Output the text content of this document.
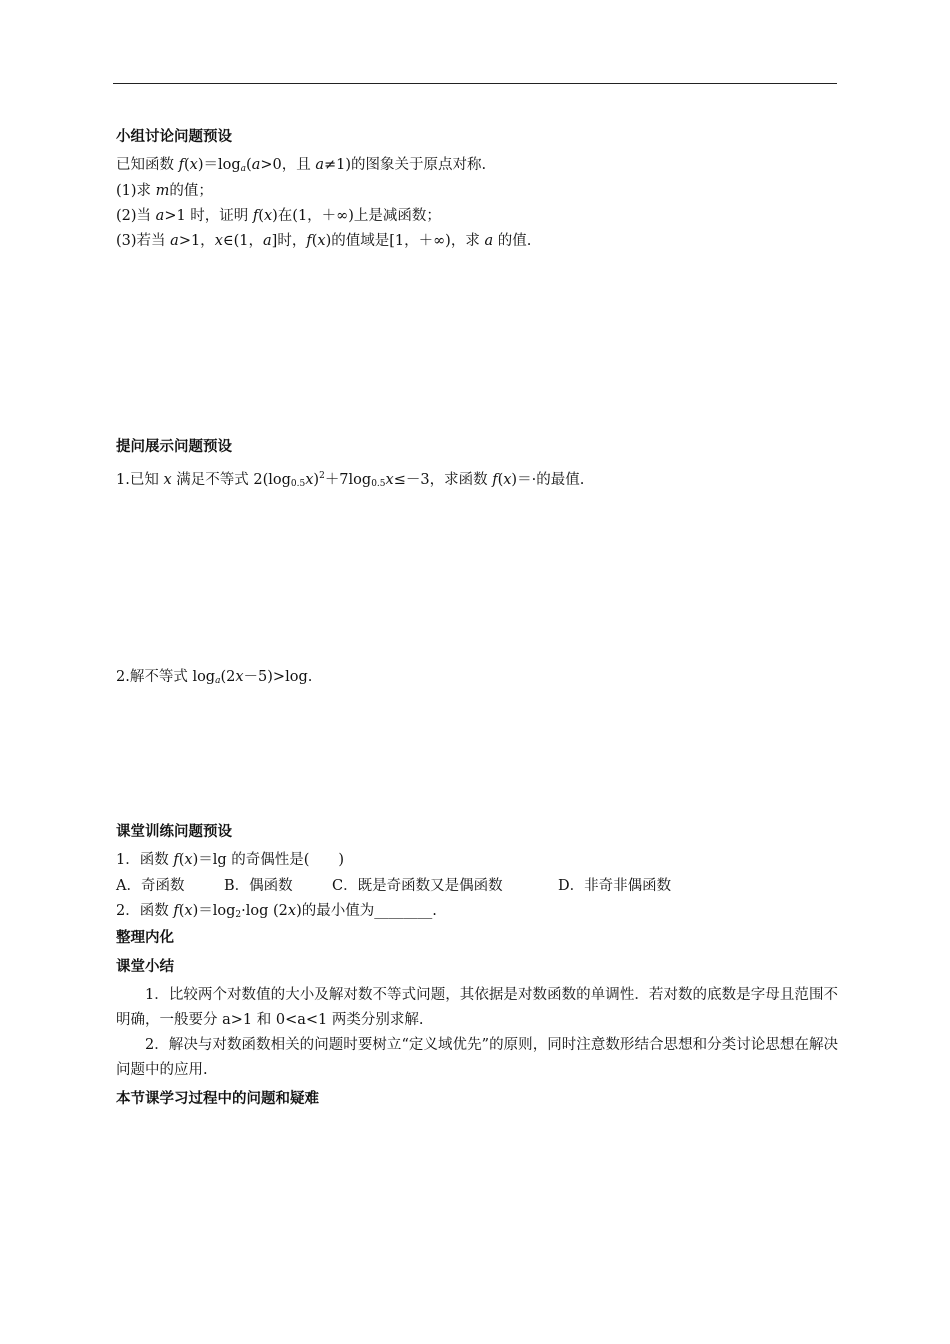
小组讨论问题预设
已知函数 $f(x)=\log_a(a>0$，且 a≠1)的图象关于原点对称.
(1)求 m的值；
(2)当 a>1 时，证明 f(x)在(1，＋∞)上是减函数；
(3)若当 a>1，x∈(1，a]时，f(x)的值域是[1，＋∞)，求 a 的值.
提问展示问题预设
1.已知 x 满足不等式 $2(\log_{0.5}x)^2+7\log_{0.5}x\le-3$，求函数 f(x)＝·的最值.
2.解不等式 $\log_a(2x-5)>\log$.
课堂训练问题预设
1．函数 f(x)＝lg 的奇偶性是(　　)
A．奇函数	B．偶函数	C．既是奇函数又是偶函数	D．非奇非偶函数
2．函数 $f(x)=\log_2\cdot\log$ (2x)的最小值为________.
整理内化
课堂小结
1．比较两个对数值的大小及解对数不等式问题，其依据是对数函数的单调性．若对数的底数是字母且范围不明确，一般要分 a>1 和 0<a<1 两类分别求解.
2．解决与对数函数相关的问题时要树立“定义域优先”的原则，同时注意数形结合思想和分类讨论思想在解决问题中的应用.
本节课学习过程中的问题和疑难
